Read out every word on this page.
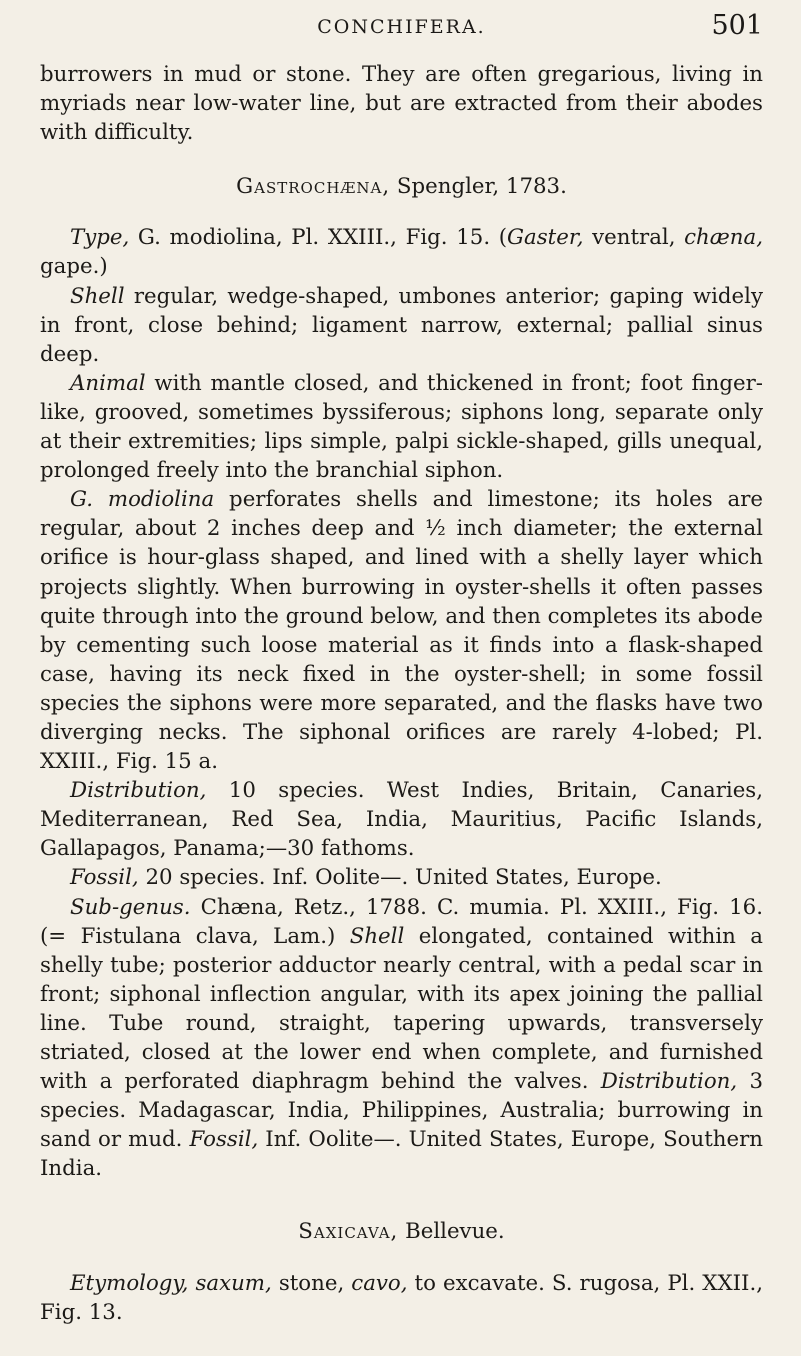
CONCHIFERA.	501

burrowers in mud or stone. They are often gregarious, living in myriads near low-water line, but are extracted from their abodes with difficulty.

Gastrochæna, Spengler, 1783.

Type, G. modiolina, Pl. XXIII., Fig. 15. (Gaster, ventral, chæna, gape.)

Shell regular, wedge-shaped, umbones anterior; gaping widely in front, close behind; ligament narrow, external; pallial sinus deep.

Animal with mantle closed, and thickened in front; foot finger-like, grooved, sometimes byssiferous; siphons long, separate only at their extremities; lips simple, palpi sickle-shaped, gills unequal, prolonged freely into the branchial siphon.

G. modiolina perforates shells and limestone; its holes are regular, about 2 inches deep and ½ inch diameter; the external orifice is hour-glass shaped, and lined with a shelly layer which projects slightly. When burrowing in oyster-shells it often passes quite through into the ground below, and then completes its abode by cementing such loose material as it finds into a flask-shaped case, having its neck fixed in the oyster-shell; in some fossil species the siphons were more separated, and the flasks have two diverging necks. The siphonal orifices are rarely 4-lobed; Pl. XXIII., Fig. 15 a.

Distribution, 10 species. West Indies, Britain, Canaries, Mediterranean, Red Sea, India, Mauritius, Pacific Islands, Gallapagos, Panama;—30 fathoms.

Fossil, 20 species. Inf. Oolite—. United States, Europe.

Sub-genus. Chæna, Retz., 1788. C. mumia. Pl. XXIII., Fig. 16. (= Fistulana clava, Lam.) Shell elongated, contained within a shelly tube; posterior adductor nearly central, with a pedal scar in front; siphonal inflection angular, with its apex joining the pallial line. Tube round, straight, tapering upwards, transversely striated, closed at the lower end when complete, and furnished with a perforated diaphragm behind the valves. Distribution, 3 species. Madagascar, India, Philippines, Australia; burrowing in sand or mud. Fossil, Inf. Oolite—. United States, Europe, Southern India.

Saxicava, Bellevue.

Etymology, saxum, stone, cavo, to excavate. S. rugosa, Pl. XXII., Fig. 13.
